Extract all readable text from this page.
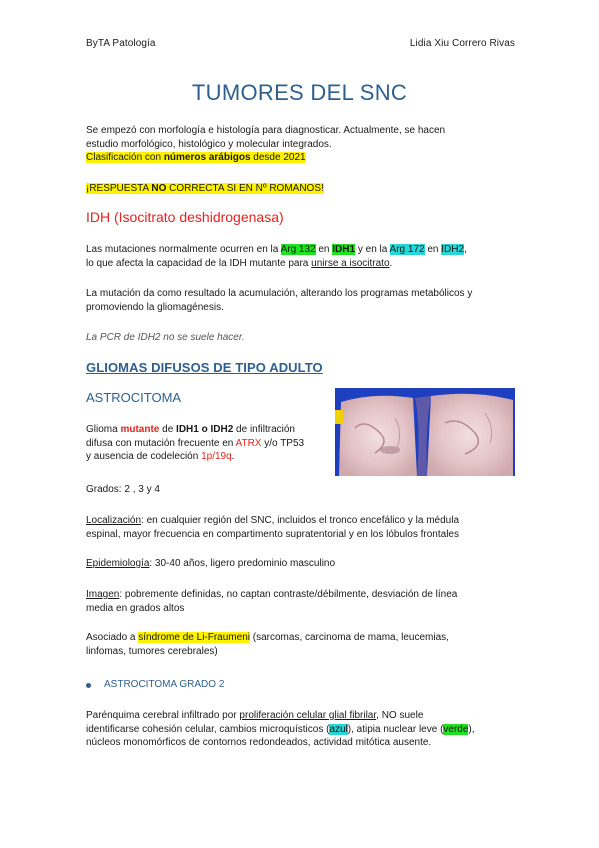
ByTA Patología	Lidia Xiu Correro Rivas
TUMORES DEL SNC
Se empezó con morfología e histología para diagnosticar. Actualmente, se hacen
estudio morfológico, histológico y molecular integrados.
Clasificación con números arábigos desde 2021
¡RESPUESTA NO CORRECTA SI EN Nº ROMANOS!
IDH (Isocitrato deshidrogenasa)
Las mutaciones normalmente ocurren en la Arg 132 en IDH1 y en la Arg 172 en IDH2,
lo que afecta la capacidad de la IDH mutante para unirse a isocitrato.
La mutación da como resultado la acumulación, alterando los programas metabólicos y
promoviendo la gliomagénesis.
La PCR de IDH2 no se suele hacer.
GLIOMAS DIFUSOS DE TIPO ADULTO
ASTROCITOMA
Glioma mutante de IDH1 o IDH2 de infiltración
difusa con mutación frecuente en ATRX y/o TP53
y ausencia de codeleción 1p/19q.
Grados: 2 , 3 y 4
Localización: en cualquier región del SNC, incluidos el tronco encefálico y la médula
espinal, mayor frecuencia en compartimento supratentorial y en los lóbulos frontales
Epidemiología: 30-40 años, ligero predominio masculino
Imagen: pobremente definidas, no captan contraste/débilmente, desviación de línea
media en grados altos
Asociado a síndrome de Li-Fraumeni (sarcomas, carcinoma de mama, leucemias,
linfomas, tumores cerebrales)
ASTROCITOMA GRADO 2
Parénquima cerebral infiltrado por proliferación celular glial fibrilar, NO suele
identificarse cohesión celular, cambios microquísticos (azul), atipia nuclear leve (verde),
núcleos monomórficos de contornos redondeados, actividad mitótica ausente.
